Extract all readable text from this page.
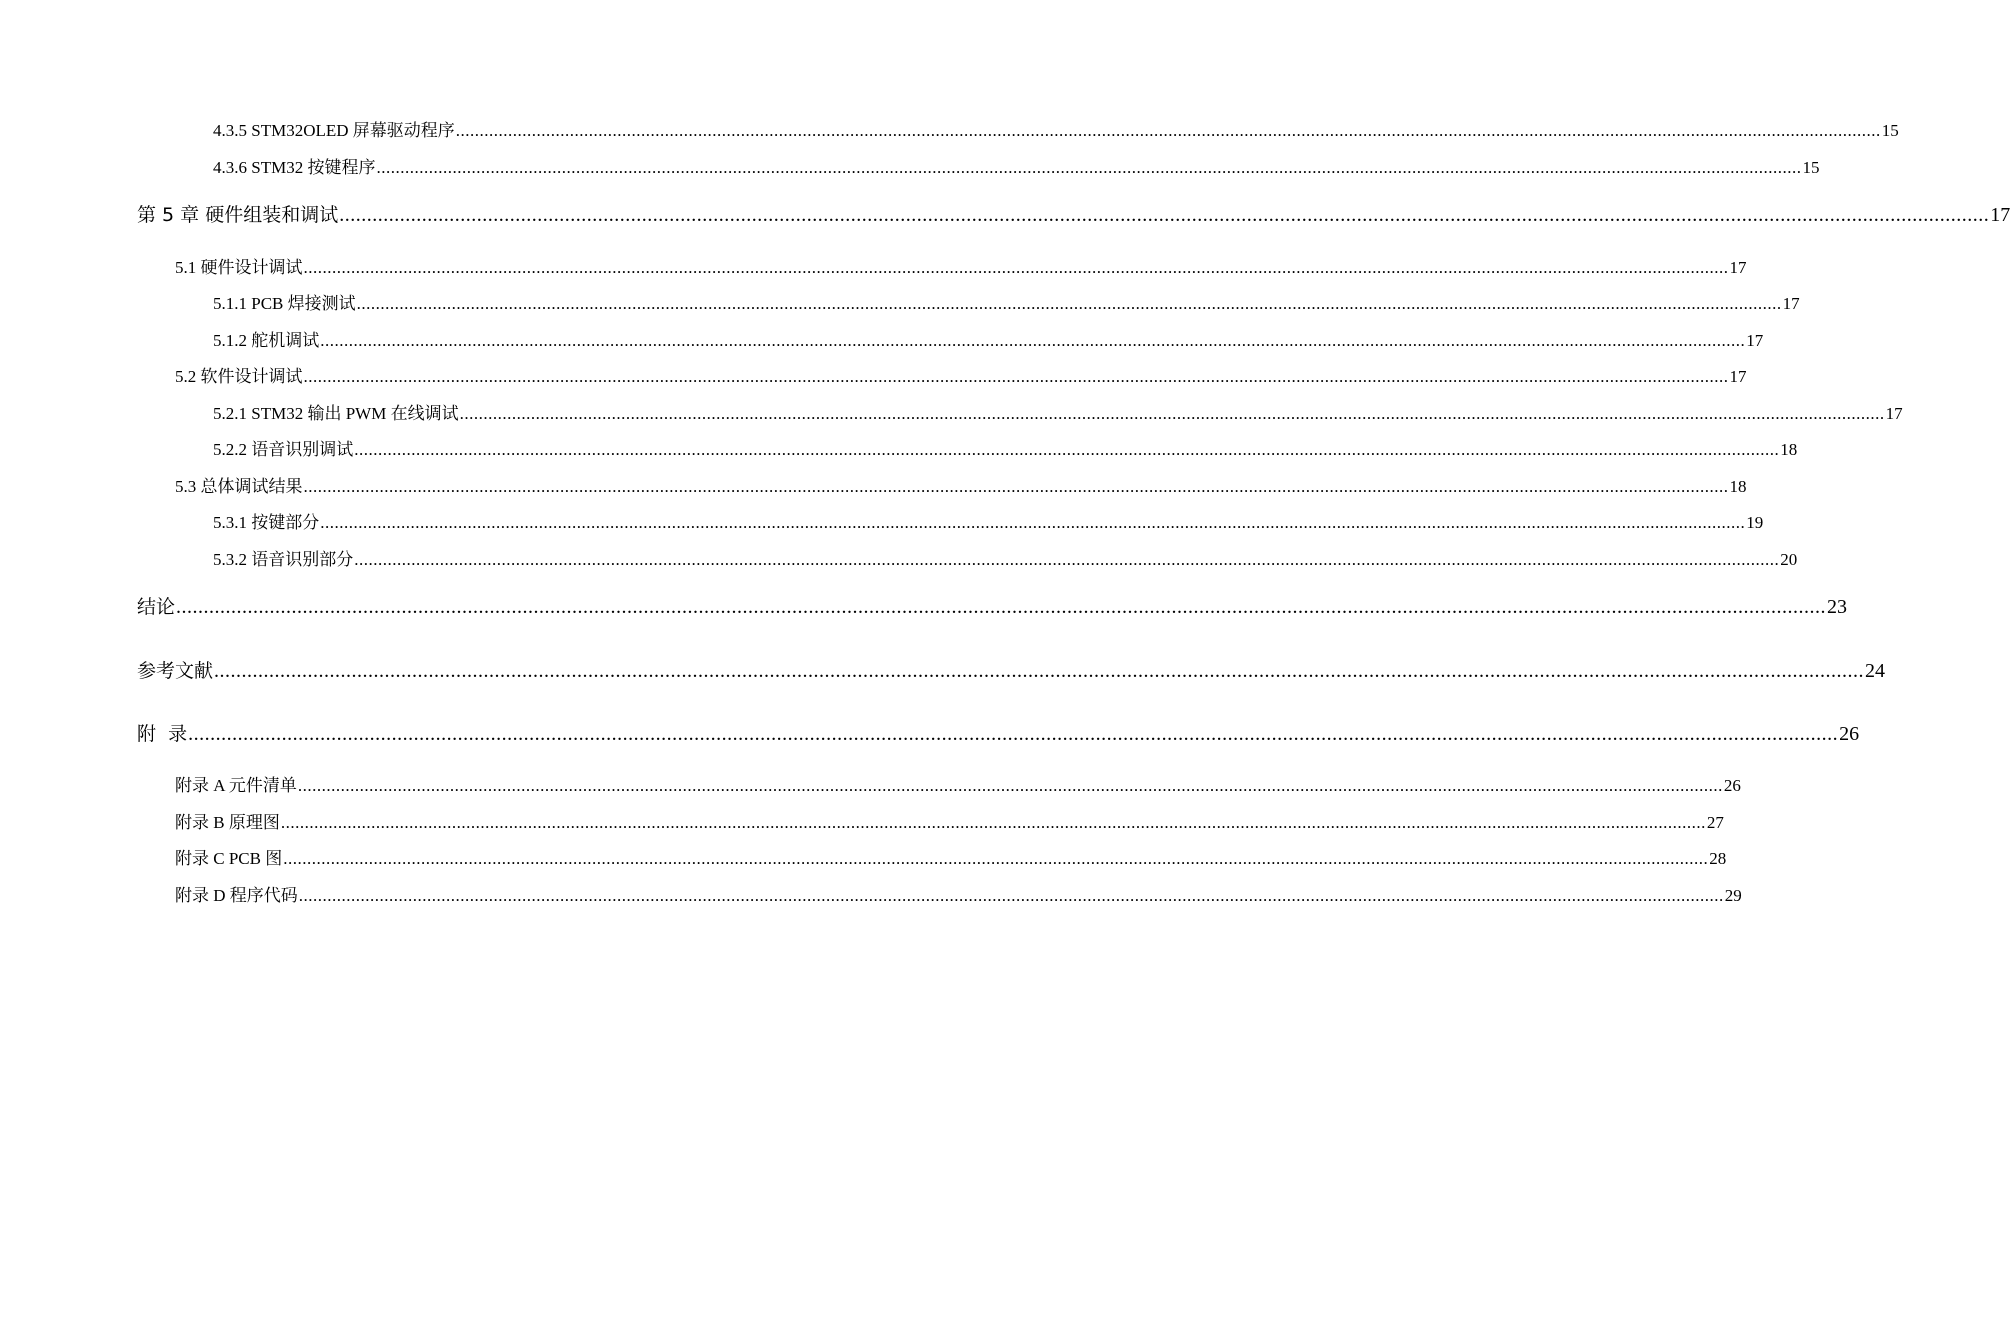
4.3.5 STM32OLED 屏幕驱动程序 ............................................................................................................................................................................................................................................................................................................ 15
4.3.6 STM32 按键程序 ............................................................................................................................................................................................................................................................................................................ 15
第 5 章 硬件组装和调试 ............................................................................................................................................................................................................................................................................................................ 17
5.1 硬件设计调试 ............................................................................................................................................................................................................................................................................................................ 17
5.1.1 PCB 焊接测试 ............................................................................................................................................................................................................................................................................................................ 17
5.1.2 舵机调试 ............................................................................................................................................................................................................................................................................................................ 17
5.2 软件设计调试 ............................................................................................................................................................................................................................................................................................................ 17
5.2.1 STM32 输出 PWM 在线调试 ............................................................................................................................................................................................................................................................................................................ 17
5.2.2 语音识别调试 ............................................................................................................................................................................................................................................................................................................ 18
5.3 总体调试结果 ............................................................................................................................................................................................................................................................................................................ 18
5.3.1 按键部分 ............................................................................................................................................................................................................................................................................................................ 19
5.3.2 语音识别部分 ............................................................................................................................................................................................................................................................................................................ 20
结论 ............................................................................................................................................................................................................................................................................................................ 23
参考文献 ............................................................................................................................................................................................................................................................................................................ 24
附  录 ............................................................................................................................................................................................................................................................................................................ 26
附录 A 元件清单 ............................................................................................................................................................................................................................................................................................................ 26
附录 B 原理图 ............................................................................................................................................................................................................................................................................................................ 27
附录 C PCB 图 ............................................................................................................................................................................................................................................................................................................ 28
附录 D 程序代码 ............................................................................................................................................................................................................................................................................................................ 29
